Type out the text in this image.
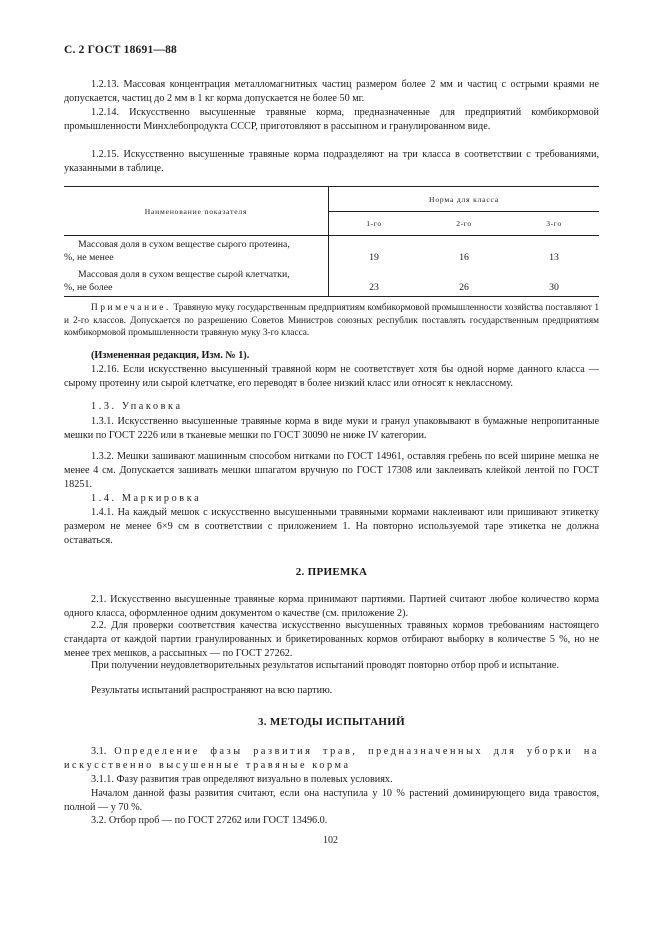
С. 2 ГОСТ 18691—88
1.2.13. Массовая концентрация металломагнитных частиц размером более 2 мм и частиц с острыми краями не допускается, частиц до 2 мм в 1 кг корма допускается не более 50 мг.
1.2.14. Искусственно высушенные травяные корма, предназначенные для предприятий комбикормовой промышленности Минхлебопродукта СССР, приготовляют в рассыпном и гранулированном виде.
1.2.15. Искусственно высушенные травяные корма подразделяют на три класса в соответствии с требованиями, указанными в таблице.
Наименование показателя	Норма для класса		
	1-го	2-го	3-го

Массовая доля в сухом веществе сырого протеина,
%, не менее	19	16	13

Массовая доля в сухом веществе сырой клетчатки,
%, не более	23	26	30
Примечание. Травяную муку государственным предприятиям комбикормовой промышленности хозяйства поставляют 1 и 2-го классов. Допускается по разрешению Советов Министров союзных республик поставлять государственным предприятиям комбикормовой промышленности травяную муку 3-го класса.
(Измененная редакция, Изм. № 1).
1.2.16. Если искусственно высушенный травяной корм не соответствует хотя бы одной норме данного класса — сырому протеину или сырой клетчатке, его переводят в более низкий класс или относят к неклассному.
1.3. Упаковка
1.3.1. Искусственно высушенные травяные корма в виде муки и гранул упаковывают в бумажные непропитанные мешки по ГОСТ 2226 или в тканевые мешки по ГОСТ 30090 не ниже IV категории.
1.3.2. Мешки зашивают машинным способом нитками по ГОСТ 14961, оставляя гребень по всей ширине мешка не менее 4 см. Допускается зашивать мешки шпагатом вручную по ГОСТ 17308 или заклеивать клейкой лентой по ГОСТ 18251.
1.4. Маркировка
1.4.1. На каждый мешок с искусственно высушенными травяными кормами наклеивают или пришивают этикетку размером не менее 6×9 см в соответствии с приложением 1. На повторно используемой таре этикетка не должна оставаться.
2. ПРИЕМКА
2.1. Искусственно высушенные травяные корма принимают партиями. Партией считают любое количество корма одного класса, оформленное одним документом о качестве (см. приложение 2).
2.2. Для проверки соответствия качества искусственно высушенных травяных кормов требованиям настоящего стандарта от каждой партии гранулированных и брикетированных кормов отбирают выборку в количестве 5 %, но не менее трех мешков, а рассыпных — по ГОСТ 27262.
При получении неудовлетворительных результатов испытаний проводят повторно отбор проб и испытание.
Результаты испытаний распространяют на всю партию.
3. МЕТОДЫ ИСПЫТАНИЙ
3.1. Определение фазы развития трав, предназначенных для уборки на искусственно высушенные травяные корма
3.1.1. Фазу развития трав определяют визуально в полевых условиях.
Началом данной фазы развития считают, если она наступила у 10 % растений доминирующего вида травостоя, полной — у 70 %.
3.2. Отбор проб — по ГОСТ 27262 или ГОСТ 13496.0.
102
